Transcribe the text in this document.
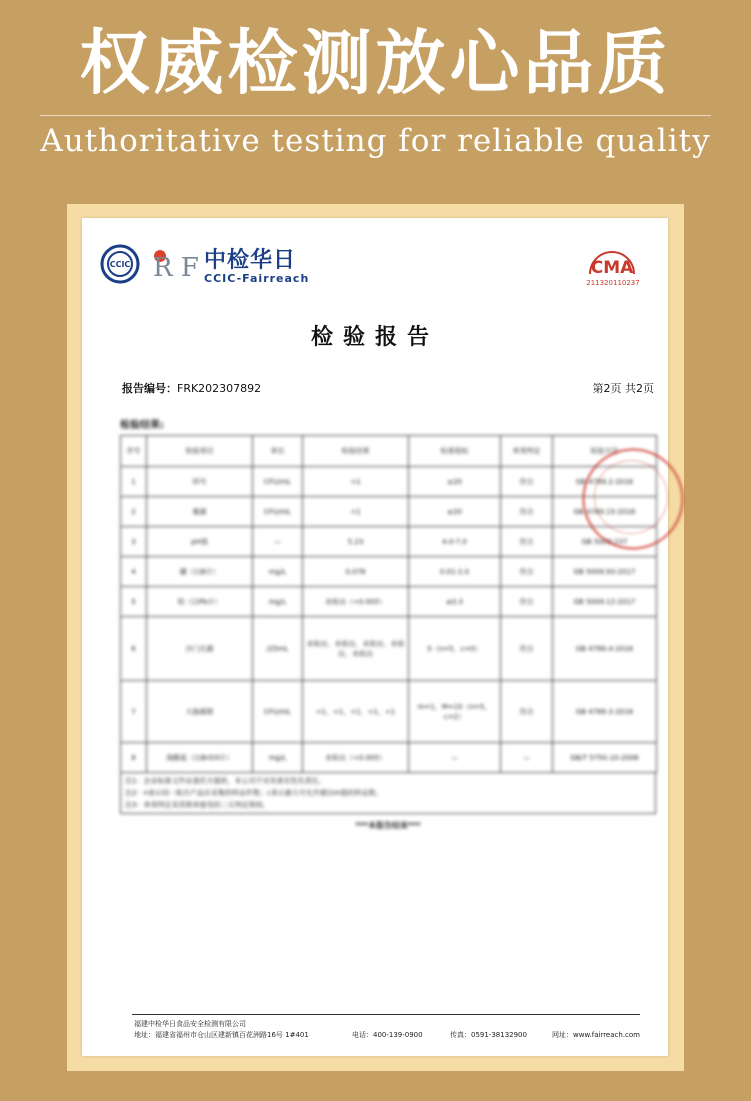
权威检测放心品质
Authoritative testing for reliable quality
CCIC R F 中检华日
CCIC-Fairreach
CMA
211320110237
检验报告
报告编号：FRK202307892	第2页 共2页
检验结果:
序号	检验项目	单位	检验结果	标准指标	单项判定	检验方法
1	锌号	CFU/mL	<1	≤20	符合	GB 4789.2-2016
2	霉菌	CFU/mL	<1	≤20	符合	GB 4789.15-2016
3	pH值	—	5.23	4.0-7.0	符合	GB 5009.237
4	硼（以B计）	mg/L	0.078	0.01-2.0	符合	GB 5009.93-2017
5	铅（以Pb计）	mg/L	未检出（<0.005）	≤0.3	符合	GB 5009.12-2017
6	沙门氏菌	/25mL	未检出，未检出，未检出，未检出，未检出	0（n=5，c=0）	符合	GB 4789.4-2016
7	大肠菌群	CFU/mL	<1，<1，<1，<1，<1	m=1，M=10（n=5，c=2）	符合	GB 4789.3-2016
8	溴酸盐（以BrO3计）	mg/L	未检出（<0.005）	—	—	GB/T 5750.10-2006
注1：企业标准文件由委托方提供，本公司不对其真实性负责任。
注2：n表示同一批次产品应采集的样品件数；c表示最大可允许超出m值的样品数。
注3：单项判定采用简单接受的二元判定规则。
***本报告结束***
福建中检华日食品安全检测有限公司
地址：福建省福州市仓山区建新镇百花洲路16号 1#401	电话：400-139-0900	传真：0591-38132900	网址：www.fairreach.com
